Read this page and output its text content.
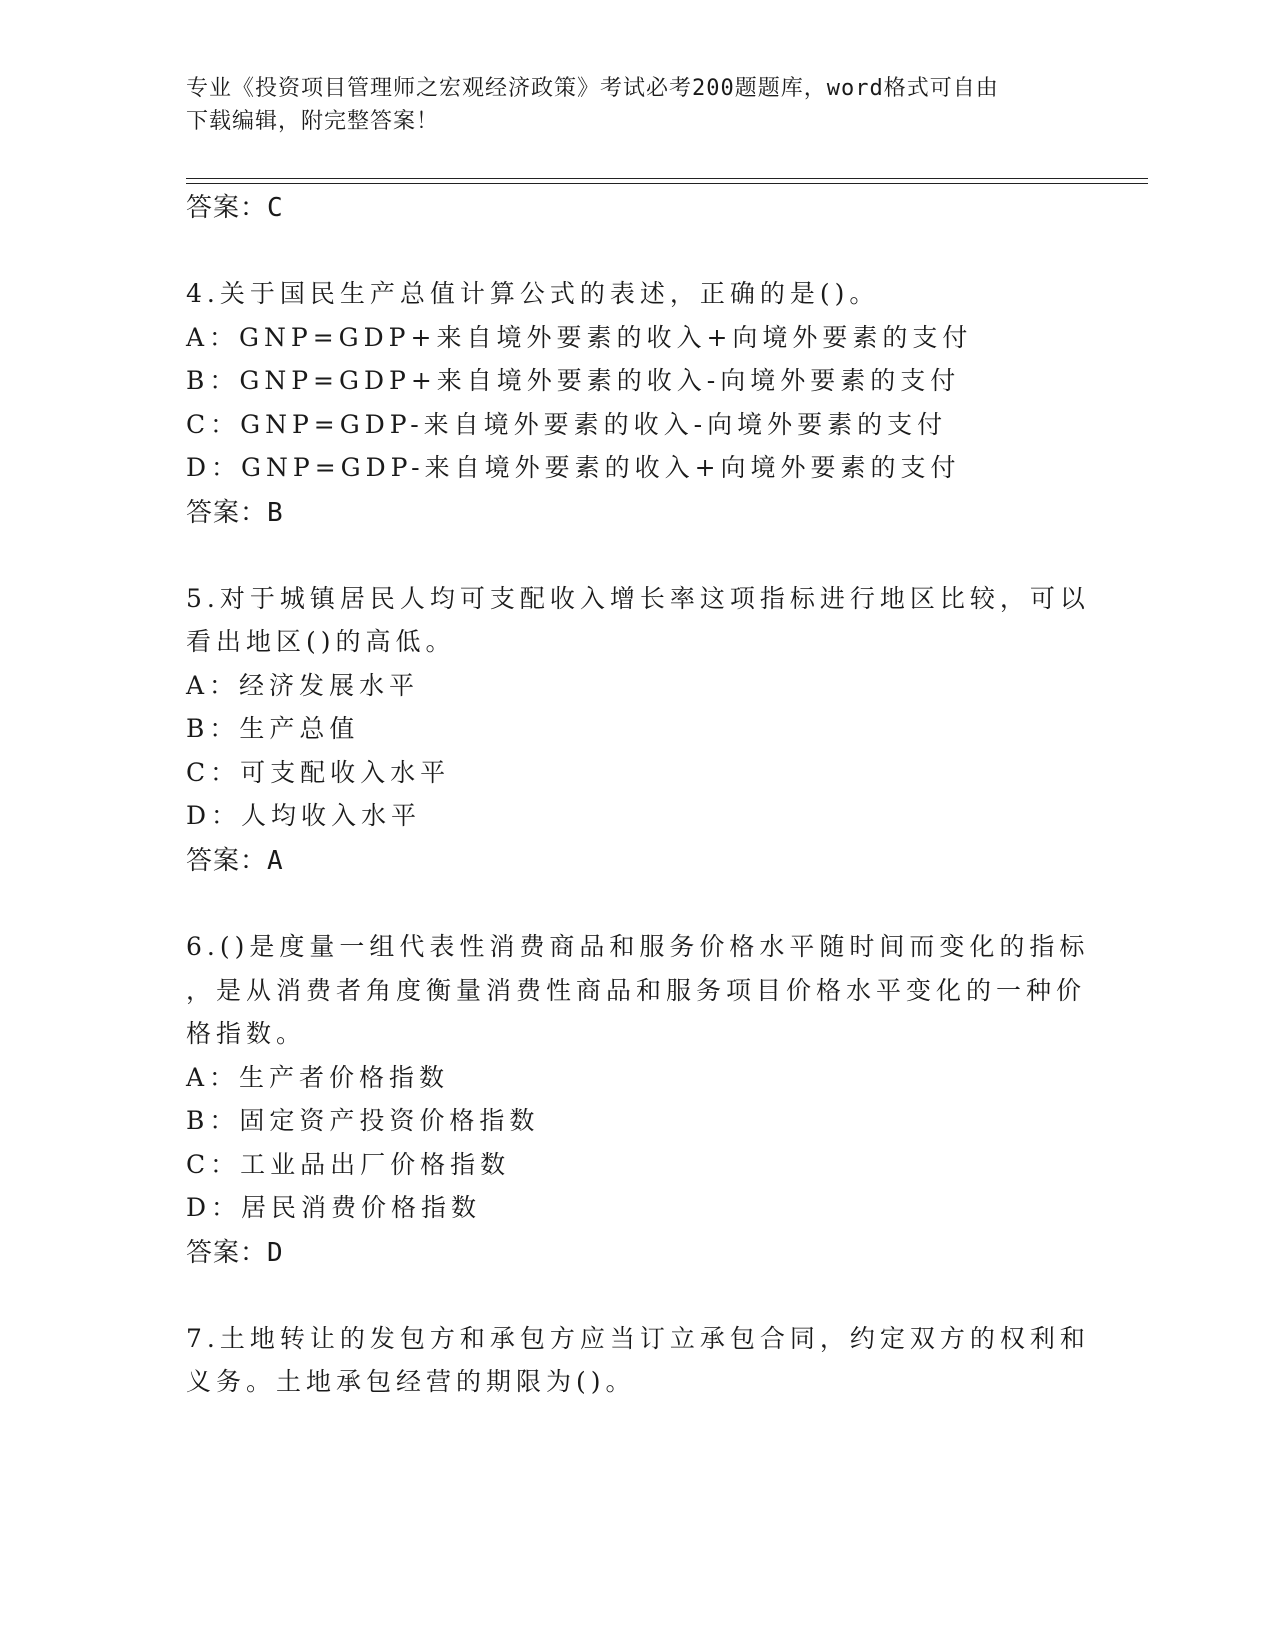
专业《投资项目管理师之宏观经济政策》考试必考200题题库，word格式可自由

下载编辑，附完整答案！

答案：C

4.关于国民生产总值计算公式的表述，正确的是()。

A：GNP=GDP+来自境外要素的收入+向境外要素的支付

B：GNP=GDP+来自境外要素的收入-向境外要素的支付

C：GNP=GDP-来自境外要素的收入-向境外要素的支付

D：GNP=GDP-来自境外要素的收入+向境外要素的支付

答案：B

5.对于城镇居民人均可支配收入增长率这项指标进行地区比较，可以

看出地区()的高低。

A：经济发展水平

B：生产总值

C：可支配收入水平

D：人均收入水平

答案：A

6.()是度量一组代表性消费商品和服务价格水平随时间而变化的指标

，是从消费者角度衡量消费性商品和服务项目价格水平变化的一种价

格指数。

A：生产者价格指数

B：固定资产投资价格指数

C：工业品出厂价格指数

D：居民消费价格指数

答案：D

7.土地转让的发包方和承包方应当订立承包合同，约定双方的权利和

义务。土地承包经营的期限为()。
